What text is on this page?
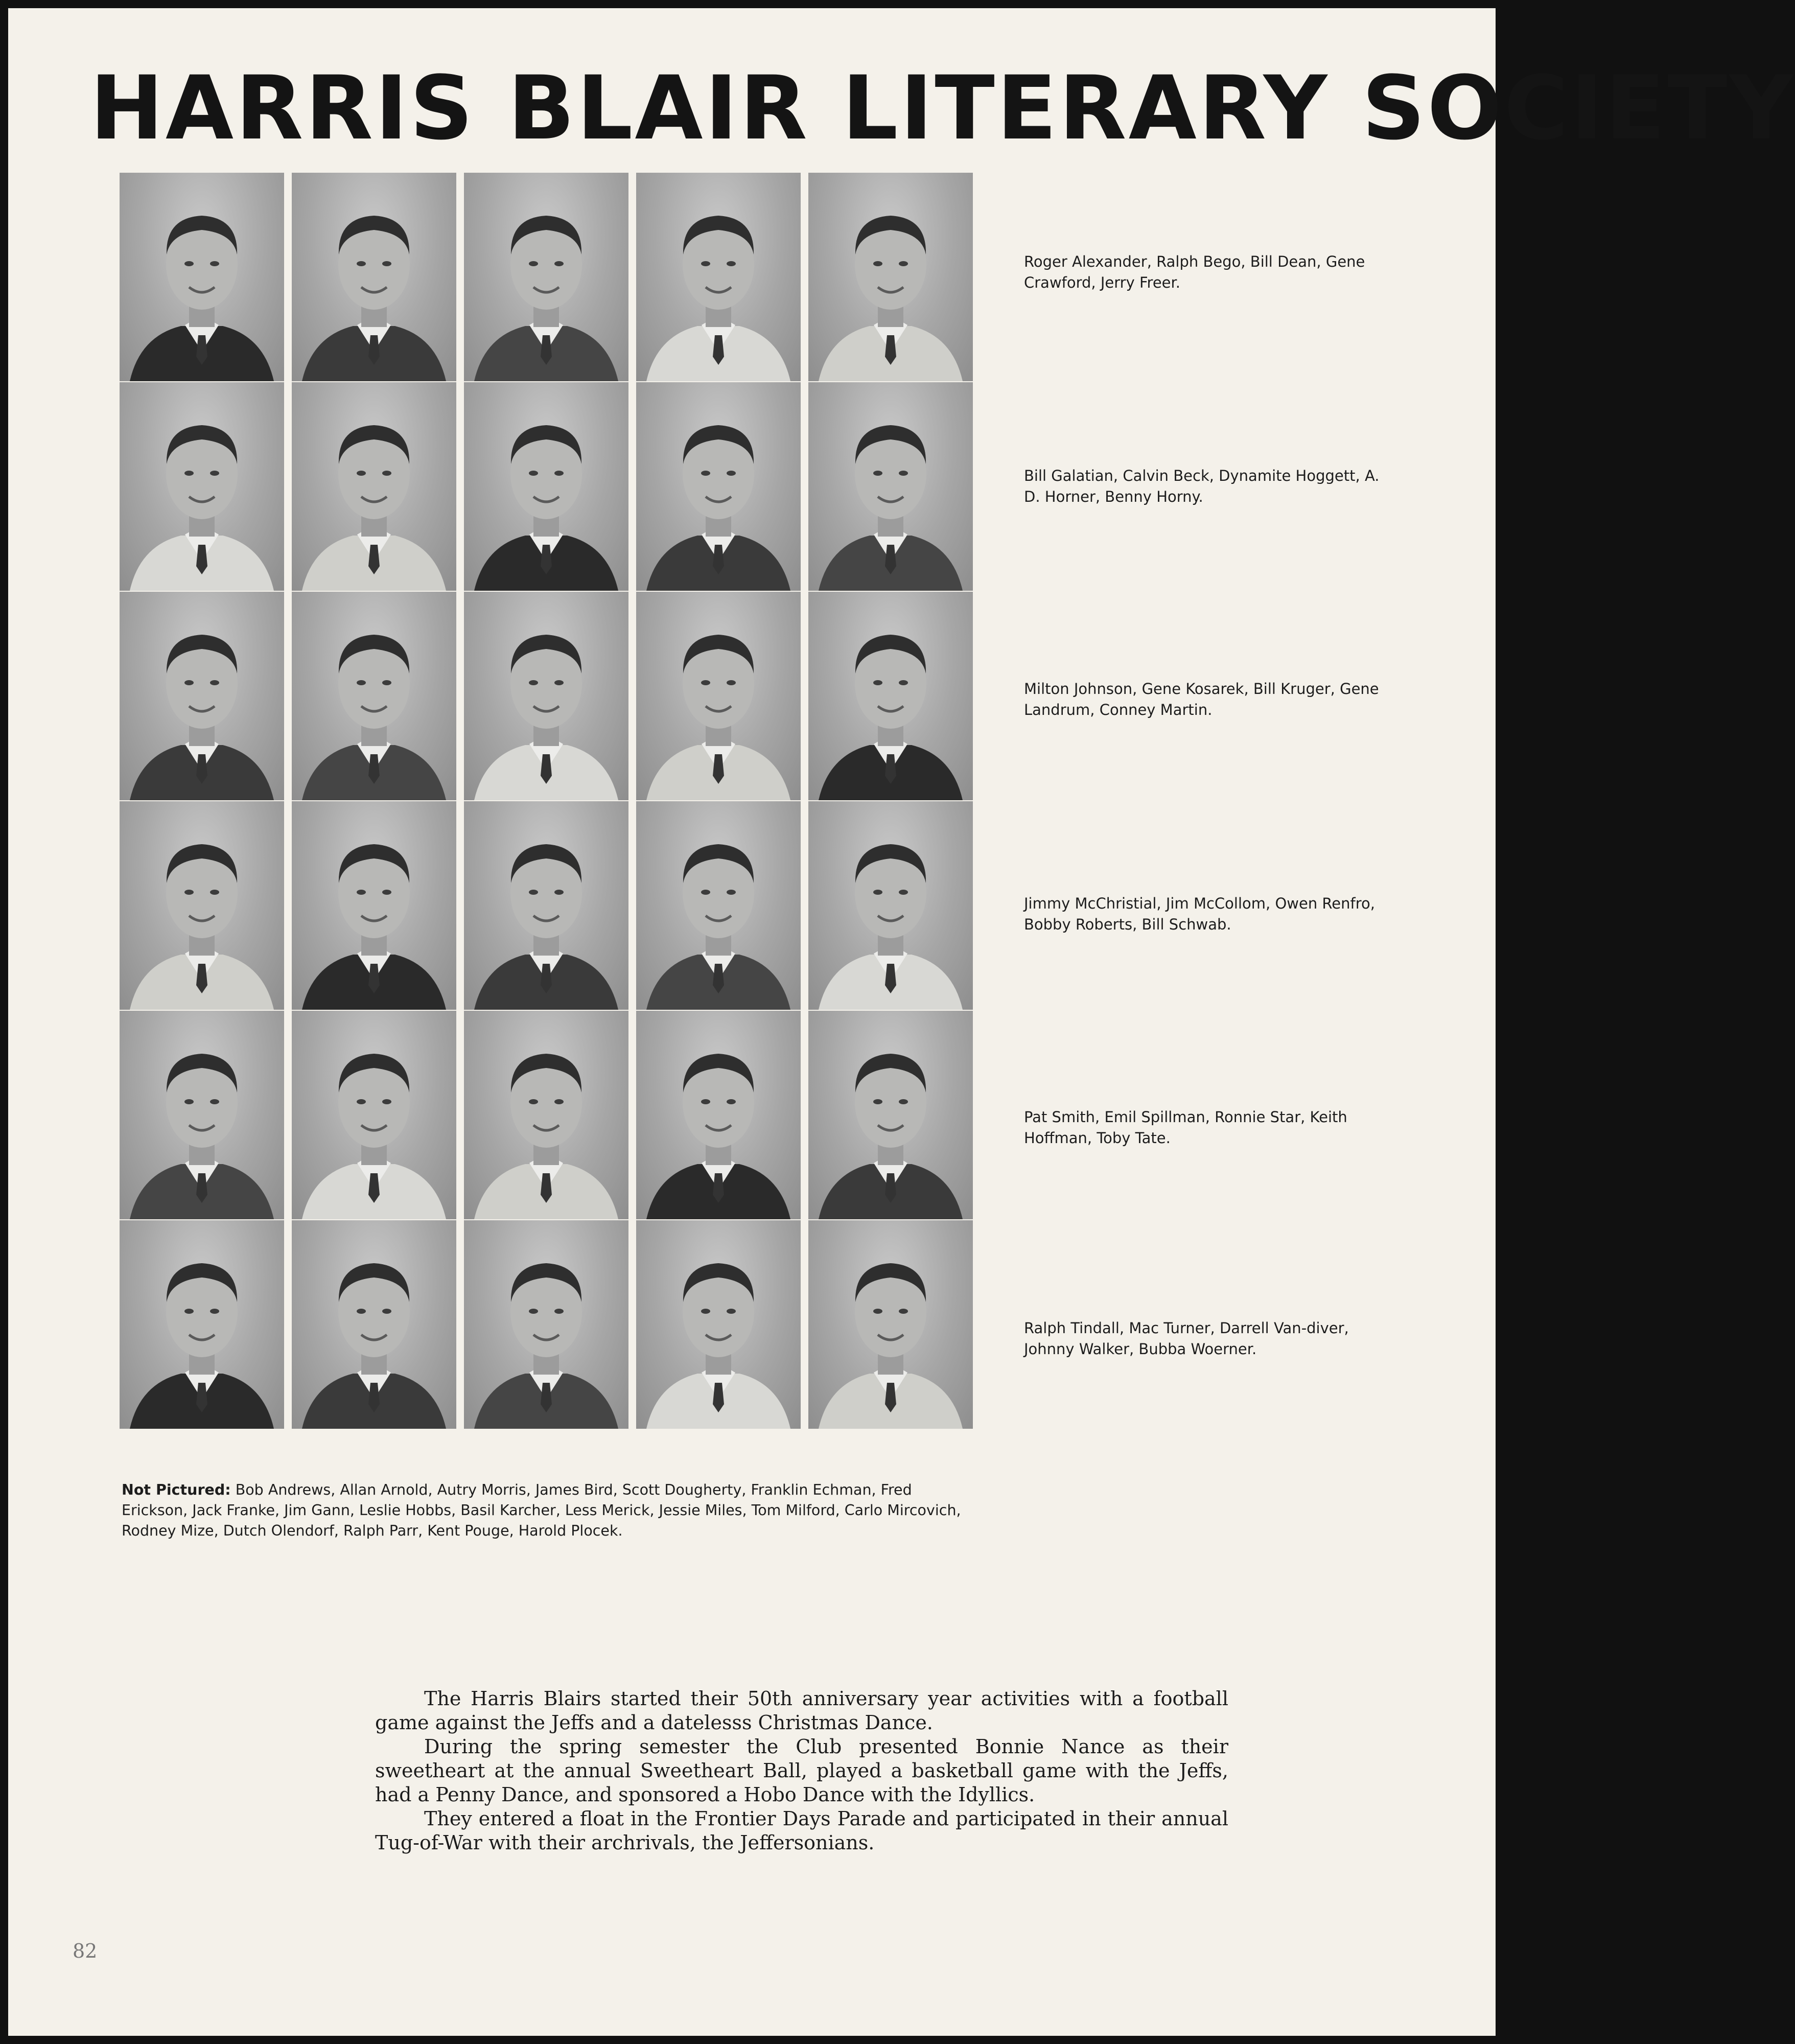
HARRIS BLAIR LITERARY SOCIETY

Roger Alexander, Ralph Bego, Bill Dean, Gene Crawford, Jerry Freer.

Bill Galatian, Calvin Beck, Dynamite Hoggett, A. D. Horner, Benny Horny.

Milton Johnson, Gene Kosarek, Bill Kruger, Gene Landrum, Conney Martin.

Jimmy McChristial, Jim McCollom, Owen Renfro, Bobby Roberts, Bill Schwab.

Pat Smith, Emil Spillman, Ronnie Star, Keith Hoffman, Toby Tate.

Ralph Tindall, Mac Turner, Darrell Van-diver, Johnny Walker, Bubba Woerner.

Not Pictured: Bob Andrews, Allan Arnold, Autry Morris, James Bird, Scott Dougherty, Franklin Echman, Fred Erickson, Jack Franke, Jim Gann, Leslie Hobbs, Basil Karcher, Less Merick, Jessie Miles, Tom Milford, Carlo Mircovich, Rodney Mize, Dutch Olendorf, Ralph Parr, Kent Pouge, Harold Plocek.

The Harris Blairs started their 50th anniversary year activities with a football game against the Jeffs and a datelesss Christmas Dance.

During the spring semester the Club presented Bonnie Nance as their sweetheart at the annual Sweetheart Ball, played a basketball game with the Jeffs, had a Penny Dance, and sponsored a Hobo Dance with the Idyllics.

They entered a float in the Frontier Days Parade and participated in their annual Tug-of-War with their archrivals, the Jeffersonians.

82
